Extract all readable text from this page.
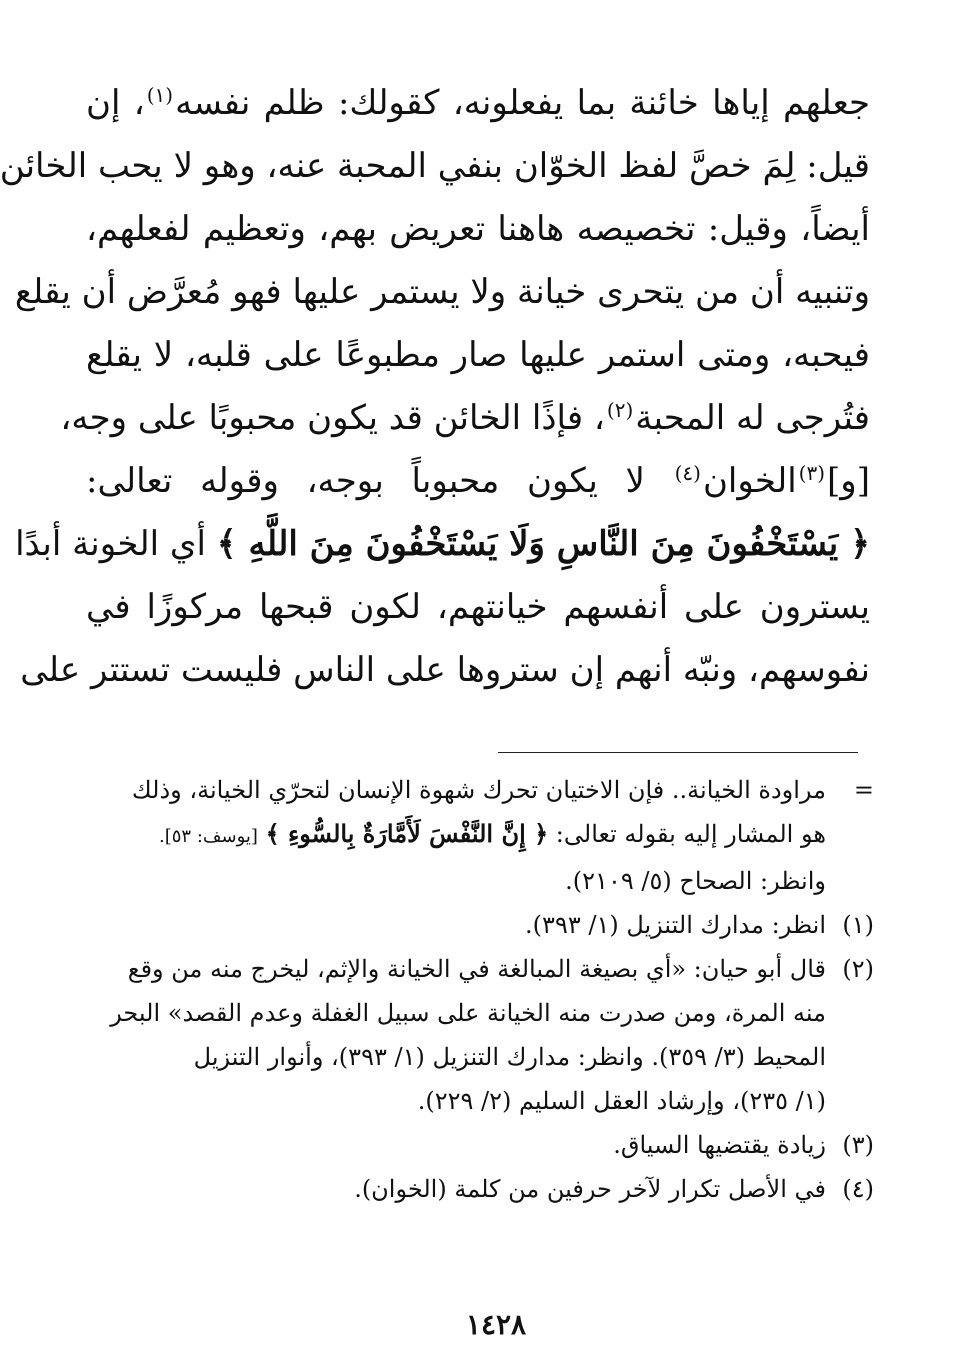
جعلهم إياها خائنة بما يفعلونه، كقولك: ظلم نفسه$^{(١)}$، إن
قيل: لِمَ خصَّ لفظ الخوّان بنفي المحبة عنه، وهو لا يحب الخائن
أيضاً، وقيل: تخصيصه هاهنا تعريض بهم، وتعظيم لفعلهم،
وتنبيه أن من يتحرى خيانة ولا يستمر عليها فهو مُعرَّض أن يقلع
فيحبه، ومتى استمر عليها صار مطبوعًا على قلبه، لا يقلع
فتُرجى له المحبة$^{(٢)}$، فإذًا الخائن قد يكون محبوبًا على وجه،
[و]$^{(٣)}$الخوان$^{(٤)}$ لا يكون محبوباً بوجه، وقوله تعالى:
﴿ يَسْتَخْفُونَ مِنَ النَّاسِ وَلَا يَسْتَخْفُونَ مِنَ اللَّهِ ﴾ أي الخونة أبدًا
يسترون على أنفسهم خيانتهم، لكون قبحها مركوزًا في
نفوسهم، ونبّه أنهم إن ستروها على الناس فليست تستتر على
=
مراودة الخيانة.. فإن الاختيان تحرك شهوة الإنسان لتحرّي الخيانة، وذلك
هو المشار إليه بقوله تعالى: ﴿ إِنَّ النَّفْسَ لَأَمَّارَةٌ بِالسُّوءِ ﴾ [يوسف: ٥٣].
وانظر: الصحاح (٥/ ٢١٠٩).
(١)
انظر: مدارك التنزيل (١/ ٣٩٣).
(٢)
قال أبو حيان: «أي بصيغة المبالغة في الخيانة والإثم، ليخرج منه من وقع
منه المرة، ومن صدرت منه الخيانة على سبيل الغفلة وعدم القصد» البحر
المحيط (٣/ ٣٥٩). وانظر: مدارك التنزيل (١/ ٣٩٣)، وأنوار التنزيل
(١/ ٢٣٥)، وإرشاد العقل السليم (٢/ ٢٢٩).
(٣)
زيادة يقتضيها السياق.
(٤)
في الأصل تكرار لآخر حرفين من كلمة (الخوان).
١٤٢٨
